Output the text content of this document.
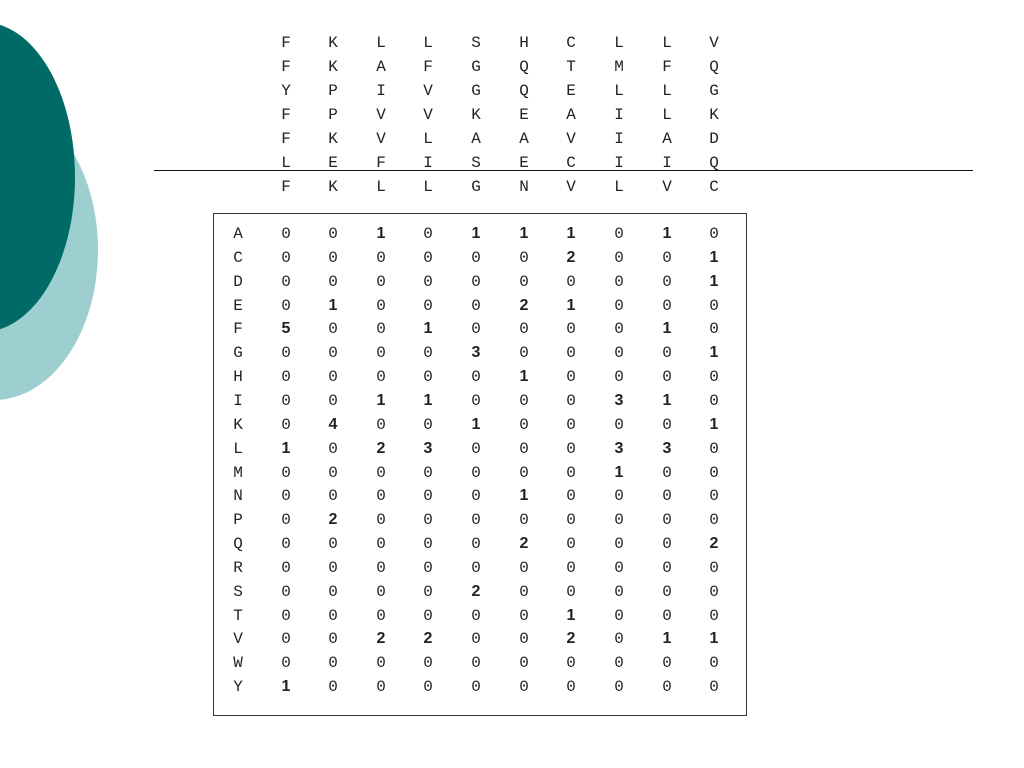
F	K	L	L	S	H	C	L	L	V
F	K	A	F	G	Q	T	M	F	Q
Y	P	I	V	G	Q	E	L	L	G
F	P	V	V	K	E	A	I	L	K
F	K	V	L	A	A	V	I	A	D
L	E	F	I	S	E	C	I	I	Q
F	K	L	L	G	N	V	L	V	C
A	0	0	1	0	1	1	1	0	1	0
C	0	0	0	0	0	0	2	0	0	1
D	0	0	0	0	0	0	0	0	0	1
E	0	1	0	0	0	2	1	0	0	0
F	5	0	0	1	0	0	0	0	1	0
G	0	0	0	0	3	0	0	0	0	1
H	0	0	0	0	0	1	0	0	0	0
I	0	0	1	1	0	0	0	3	1	0
K	0	4	0	0	1	0	0	0	0	1
L	1	0	2	3	0	0	0	3	3	0
M	0	0	0	0	0	0	0	1	0	0
N	0	0	0	0	0	1	0	0	0	0
P	0	2	0	0	0	0	0	0	0	0
Q	0	0	0	0	0	2	0	0	0	2
R	0	0	0	0	0	0	0	0	0	0
S	0	0	0	0	2	0	0	0	0	0
T	0	0	0	0	0	0	1	0	0	0
V	0	0	2	2	0	0	2	0	1	1
W	0	0	0	0	0	0	0	0	0	0
Y	1	0	0	0	0	0	0	0	0	0
